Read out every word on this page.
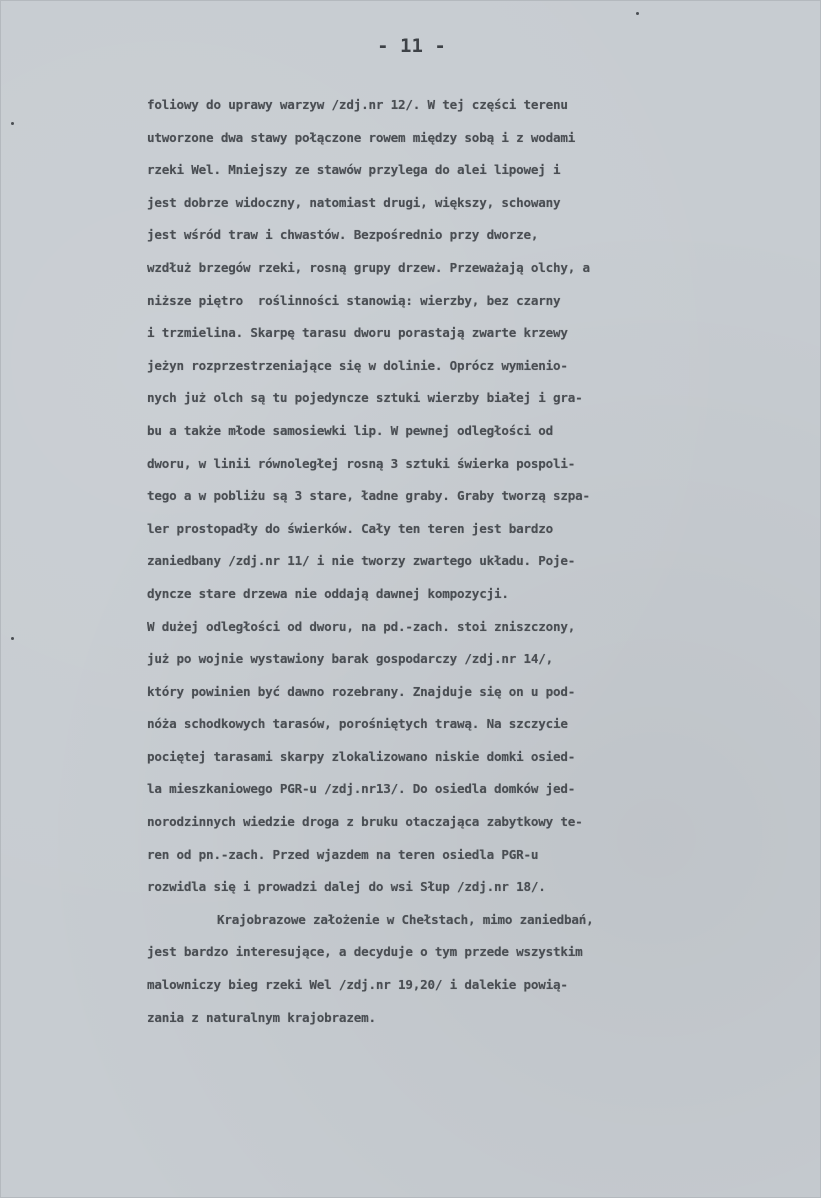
- 11 -
foliowy do uprawy warzyw /zdj.nr 12/. W tej części terenu
utworzone dwa stawy połączone rowem między sobą i z wodami
rzeki Wel. Mniejszy ze stawów przylega do alei lipowej i
jest dobrze widoczny, natomiast drugi, większy, schowany
jest wśród traw i chwastów. Bezpośrednio przy dworze,
wzdłuż brzegów rzeki, rosną grupy drzew. Przeważają olchy, a
niższe piętro  roślinności stanowią: wierzby, bez czarny
i trzmielina. Skarpę tarasu dworu porastają zwarte krzewy
jeżyn rozprzestrzeniające się w dolinie. Oprócz wymienio-
nych już olch są tu pojedyncze sztuki wierzby białej i gra-
bu a także młode samosiewki lip. W pewnej odległości od
dworu, w linii równoległej rosną 3 sztuki świerka pospoli-
tego a w pobliżu są 3 stare, ładne graby. Graby tworzą szpa-
ler prostopadły do świerków. Cały ten teren jest bardzo
zaniedbany /zdj.nr 11/ i nie tworzy zwartego układu. Poje-
dyncze stare drzewa nie oddają dawnej kompozycji.
W dużej odległości od dworu, na pd.-zach. stoi zniszczony,
już po wojnie wystawiony barak gospodarczy /zdj.nr 14/,
który powinien być dawno rozebrany. Znajduje się on u pod-
nóża schodkowych tarasów, porośniętych trawą. Na szczycie
pociętej tarasami skarpy zlokalizowano niskie domki osied-
la mieszkaniowego PGR-u /zdj.nr13/. Do osiedla domków jed-
norodzinnych wiedzie droga z bruku otaczająca zabytkowy te-
ren od pn.-zach. Przed wjazdem na teren osiedla PGR-u
rozwidla się i prowadzi dalej do wsi Słup /zdj.nr 18/.
Krajobrazowe założenie w Chełstach, mimo zaniedbań,
jest bardzo interesujące, a decyduje o tym przede wszystkim
malowniczy bieg rzeki Wel /zdj.nr 19,20/ i dalekie powią-
zania z naturalnym krajobrazem.
